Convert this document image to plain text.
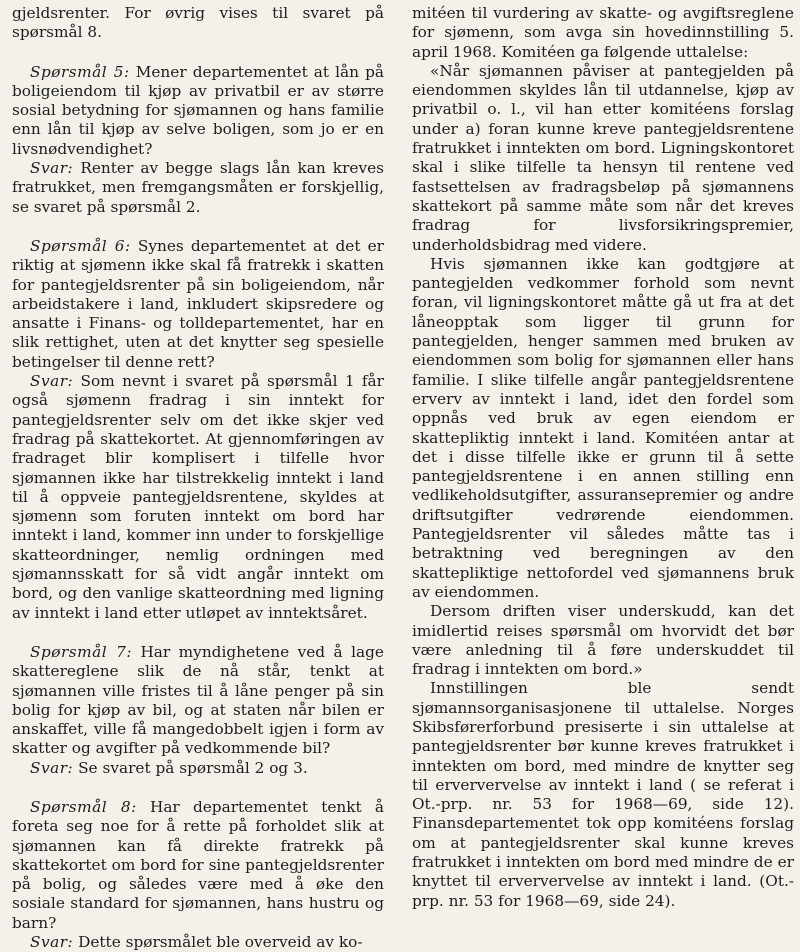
gjeldsrenter. For øvrig vises til svaret på spørsmål 8.

Spørsmål 5: Mener departementet at lån på boligeiendom til kjøp av privatbil er av større sosial betydning for sjømannen og hans familie enn lån til kjøp av selve boligen, som jo er en livsnødvendighet?

Svar: Renter av begge slags lån kan kreves fratrukket, men fremgangsmåten er forskjellig, se svaret på spørsmål 2.

Spørsmål 6: Synes departementet at det er riktig at sjømenn ikke skal få fratrekk i skatten for pantegjeldsrenter på sin boligeiendom, når arbeidstakere i land, inkludert skipsredere og ansatte i Finans- og tolldepartementet, har en slik rettighet, uten at det knytter seg spesielle betingelser til denne rett?

Svar: Som nevnt i svaret på spørsmål 1 får også sjømenn fradrag i sin inntekt for pantegjeldsrenter selv om det ikke skjer ved fradrag på skattekortet. At gjennomføringen av fradraget blir komplisert i tilfelle hvor sjømannen ikke har tilstrekkelig inntekt i land til å oppveie pantegjeldsrentene, skyldes at sjømenn som foruten inntekt om bord har inntekt i land, kommer inn under to forskjellige skatteordninger, nemlig ordningen med sjømannsskatt for så vidt angår inntekt om bord, og den vanlige skatteordning med ligning av inntekt i land etter utløpet av inntektsåret.

Spørsmål 7: Har myndighetene ved å lage skattereglene slik de nå står, tenkt at sjømannen ville fristes til å låne penger på sin bolig for kjøp av bil, og at staten når bilen er anskaffet, ville få mangedobbelt igjen i form av skatter og avgifter på vedkommende bil?

Svar: Se svaret på spørsmål 2 og 3.

Spørsmål 8: Har departementet tenkt å foreta seg noe for å rette på forholdet slik at sjømannen kan få direkte fratrekk på skattekortet om bord for sine pantegjeldsrenter på bolig, og således være med å øke den sosiale standard for sjømannen, hans hustru og barn?

Svar: Dette spørsmålet ble overveid av ko-

mitéen til vurdering av skatte- og avgiftsreglene for sjømenn, som avga sin hovedinnstilling 5. april 1968. Komitéen ga følgende uttalelse:

«Når sjømannen påviser at pantegjelden på eiendommen skyldes lån til utdannelse, kjøp av privatbil o. l., vil han etter komitéens forslag under a) foran kunne kreve pantegjeldsrentene fratrukket i inntekten om bord. Ligningskontoret skal i slike tilfelle ta hensyn til rentene ved fastsettelsen av fradragsbeløp på sjømannens skattekort på samme måte som når det kreves fradrag for livsforsikringspremier, underholdsbidrag med videre.

Hvis sjømannen ikke kan godtgjøre at pantegjelden vedkommer forhold som nevnt foran, vil ligningskontoret måtte gå ut fra at det låneopptak som ligger til grunn for pantegjelden, henger sammen med bruken av eiendommen som bolig for sjømannen eller hans familie. I slike tilfelle angår pantegjeldsrentene erverv av inntekt i land, idet den fordel som oppnås ved bruk av egen eiendom er skattepliktig inntekt i land. Komitéen antar at det i disse tilfelle ikke er grunn til å sette pantegjeldsrentene i en annen stilling enn vedlikeholdsutgifter, assuransepremier og andre driftsutgifter vedrørende eiendommen. Pantegjeldsrenter vil således måtte tas i betraktning ved beregningen av den skattepliktige nettofordel ved sjømannens bruk av eiendommen.

Dersom driften viser underskudd, kan det imidlertid reises spørsmål om hvorvidt det bør være anledning til å føre underskuddet til fradrag i inntekten om bord.»

Innstillingen ble sendt sjømannsorganisasjonene til uttalelse. Norges Skibsførerforbund presiserte i sin uttalelse at pantegjeldsrenter bør kunne kreves fratrukket i inntekten om bord, med mindre de knytter seg til erververvelse av inntekt i land ( se referat i Ot.-prp. nr. 53 for 1968—69, side 12). Finansdepartementet tok opp komitéens forslag om at pantegjeldsrenter skal kunne kreves fratrukket i inntekten om bord med mindre de er knyttet til erververvelse av inntekt i land. (Ot.-prp. nr. 53 for 1968—69, side 24).
